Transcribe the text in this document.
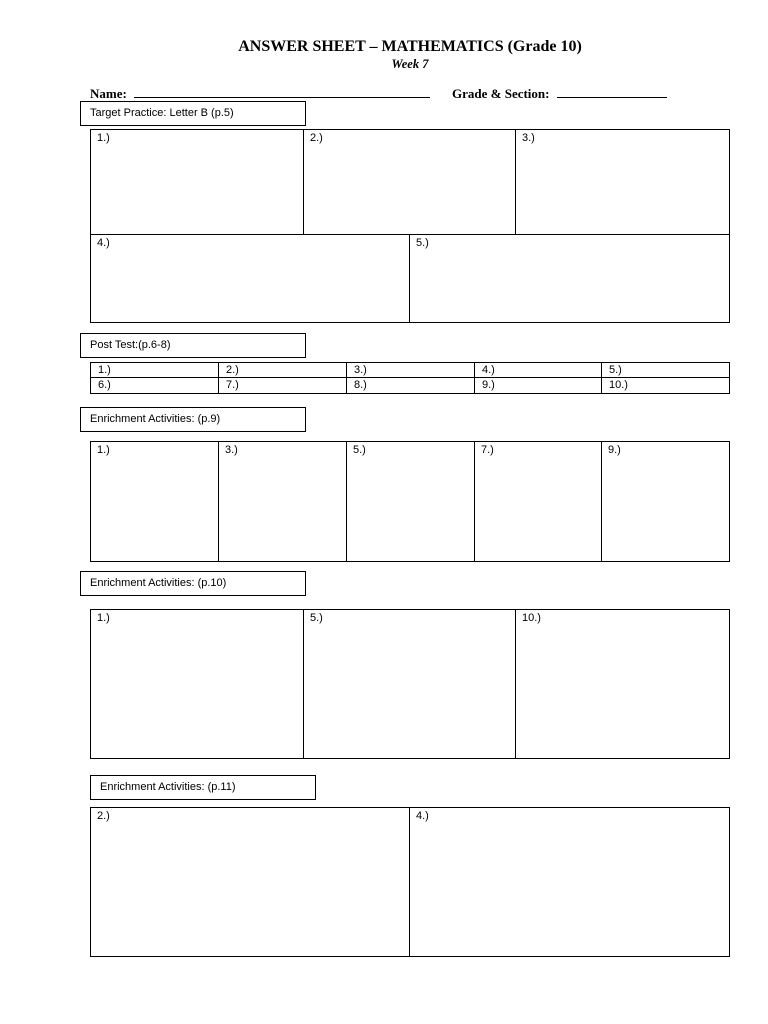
ANSWER SHEET – MATHEMATICS (Grade 10)
Week 7
Name:	Grade & Section:
Target Practice: Letter B (p.5)
1.)	2.)	3.)
4.)	5.)
Post Test:(p.6-8)
1.)	2.)	3.)	4.)	5.)
6.)	7.)	8.)	9.)	10.)
Enrichment Activities: (p.9)
1.)	3.)	5.)	7.)	9.)
Enrichment Activities: (p.10)
1.)	5.)	10.)
Enrichment Activities: (p.11)
2.)	4.)
